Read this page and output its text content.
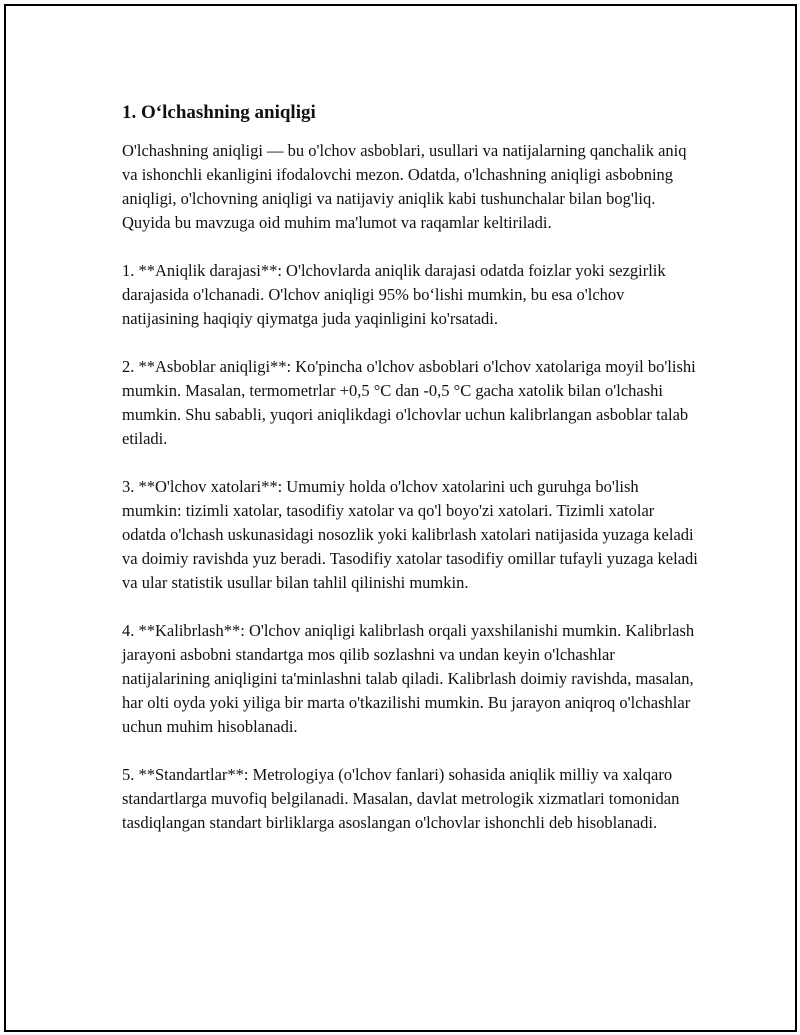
1. O‘lchashning aniqligi

O'lchashning aniqligi — bu o'lchov asboblari, usullari va natijalarning qanchalik aniq va ishonchli ekanligini ifodalovchi mezon. Odatda, o'lchashning aniqligi asbobning aniqligi, o'lchovning aniqligi va natijaviy aniqlik kabi tushunchalar bilan bog'liq. Quyida bu mavzuga oid muhim ma'lumot va raqamlar keltiriladi.

1. **Aniqlik darajasi**: O'lchovlarda aniqlik darajasi odatda foizlar yoki sezgirlik darajasida o'lchanadi. O'lchov aniqligi 95% bo‘lishi mumkin, bu esa o'lchov natijasining haqiqiy qiymatga juda yaqinligini ko'rsatadi.

2. **Asboblar aniqligi**: Ko'pincha o'lchov asboblari o'lchov xatolariga moyil bo'lishi mumkin. Masalan, termometrlar +0,5 °C dan -0,5 °C gacha xatolik bilan o'lchashi mumkin. Shu sababli, yuqori aniqlikdagi o'lchovlar uchun kalibrlangan asboblar talab etiladi.

3. **O'lchov xatolari**: Umumiy holda o'lchov xatolarini uch guruhga bo'lish mumkin: tizimli xatolar, tasodifiy xatolar va qo'l boyo'zi xatolari. Tizimli xatolar odatda o'lchash uskunasidagi nosozlik yoki kalibrlash xatolari natijasida yuzaga keladi va doimiy ravishda yuz beradi. Tasodifiy xatolar tasodifiy omillar tufayli yuzaga keladi va ular statistik usullar bilan tahlil qilinishi mumkin.

4. **Kalibrlash**: O'lchov aniqligi kalibrlash orqali yaxshilanishi mumkin. Kalibrlash jarayoni asbobni standartga mos qilib sozlashni va undan keyin o'lchashlar natijalarining aniqligini ta'minlashni talab qiladi. Kalibrlash doimiy ravishda, masalan, har olti oyda yoki yiliga bir marta o'tkazilishi mumkin. Bu jarayon aniqroq o'lchashlar uchun muhim hisoblanadi.

5. **Standartlar**: Metrologiya (o'lchov fanlari) sohasida aniqlik milliy va xalqaro standartlarga muvofiq belgilanadi. Masalan, davlat metrologik xizmatlari tomonidan tasdiqlangan standart birliklarga asoslangan o'lchovlar ishonchli deb hisoblanadi.
